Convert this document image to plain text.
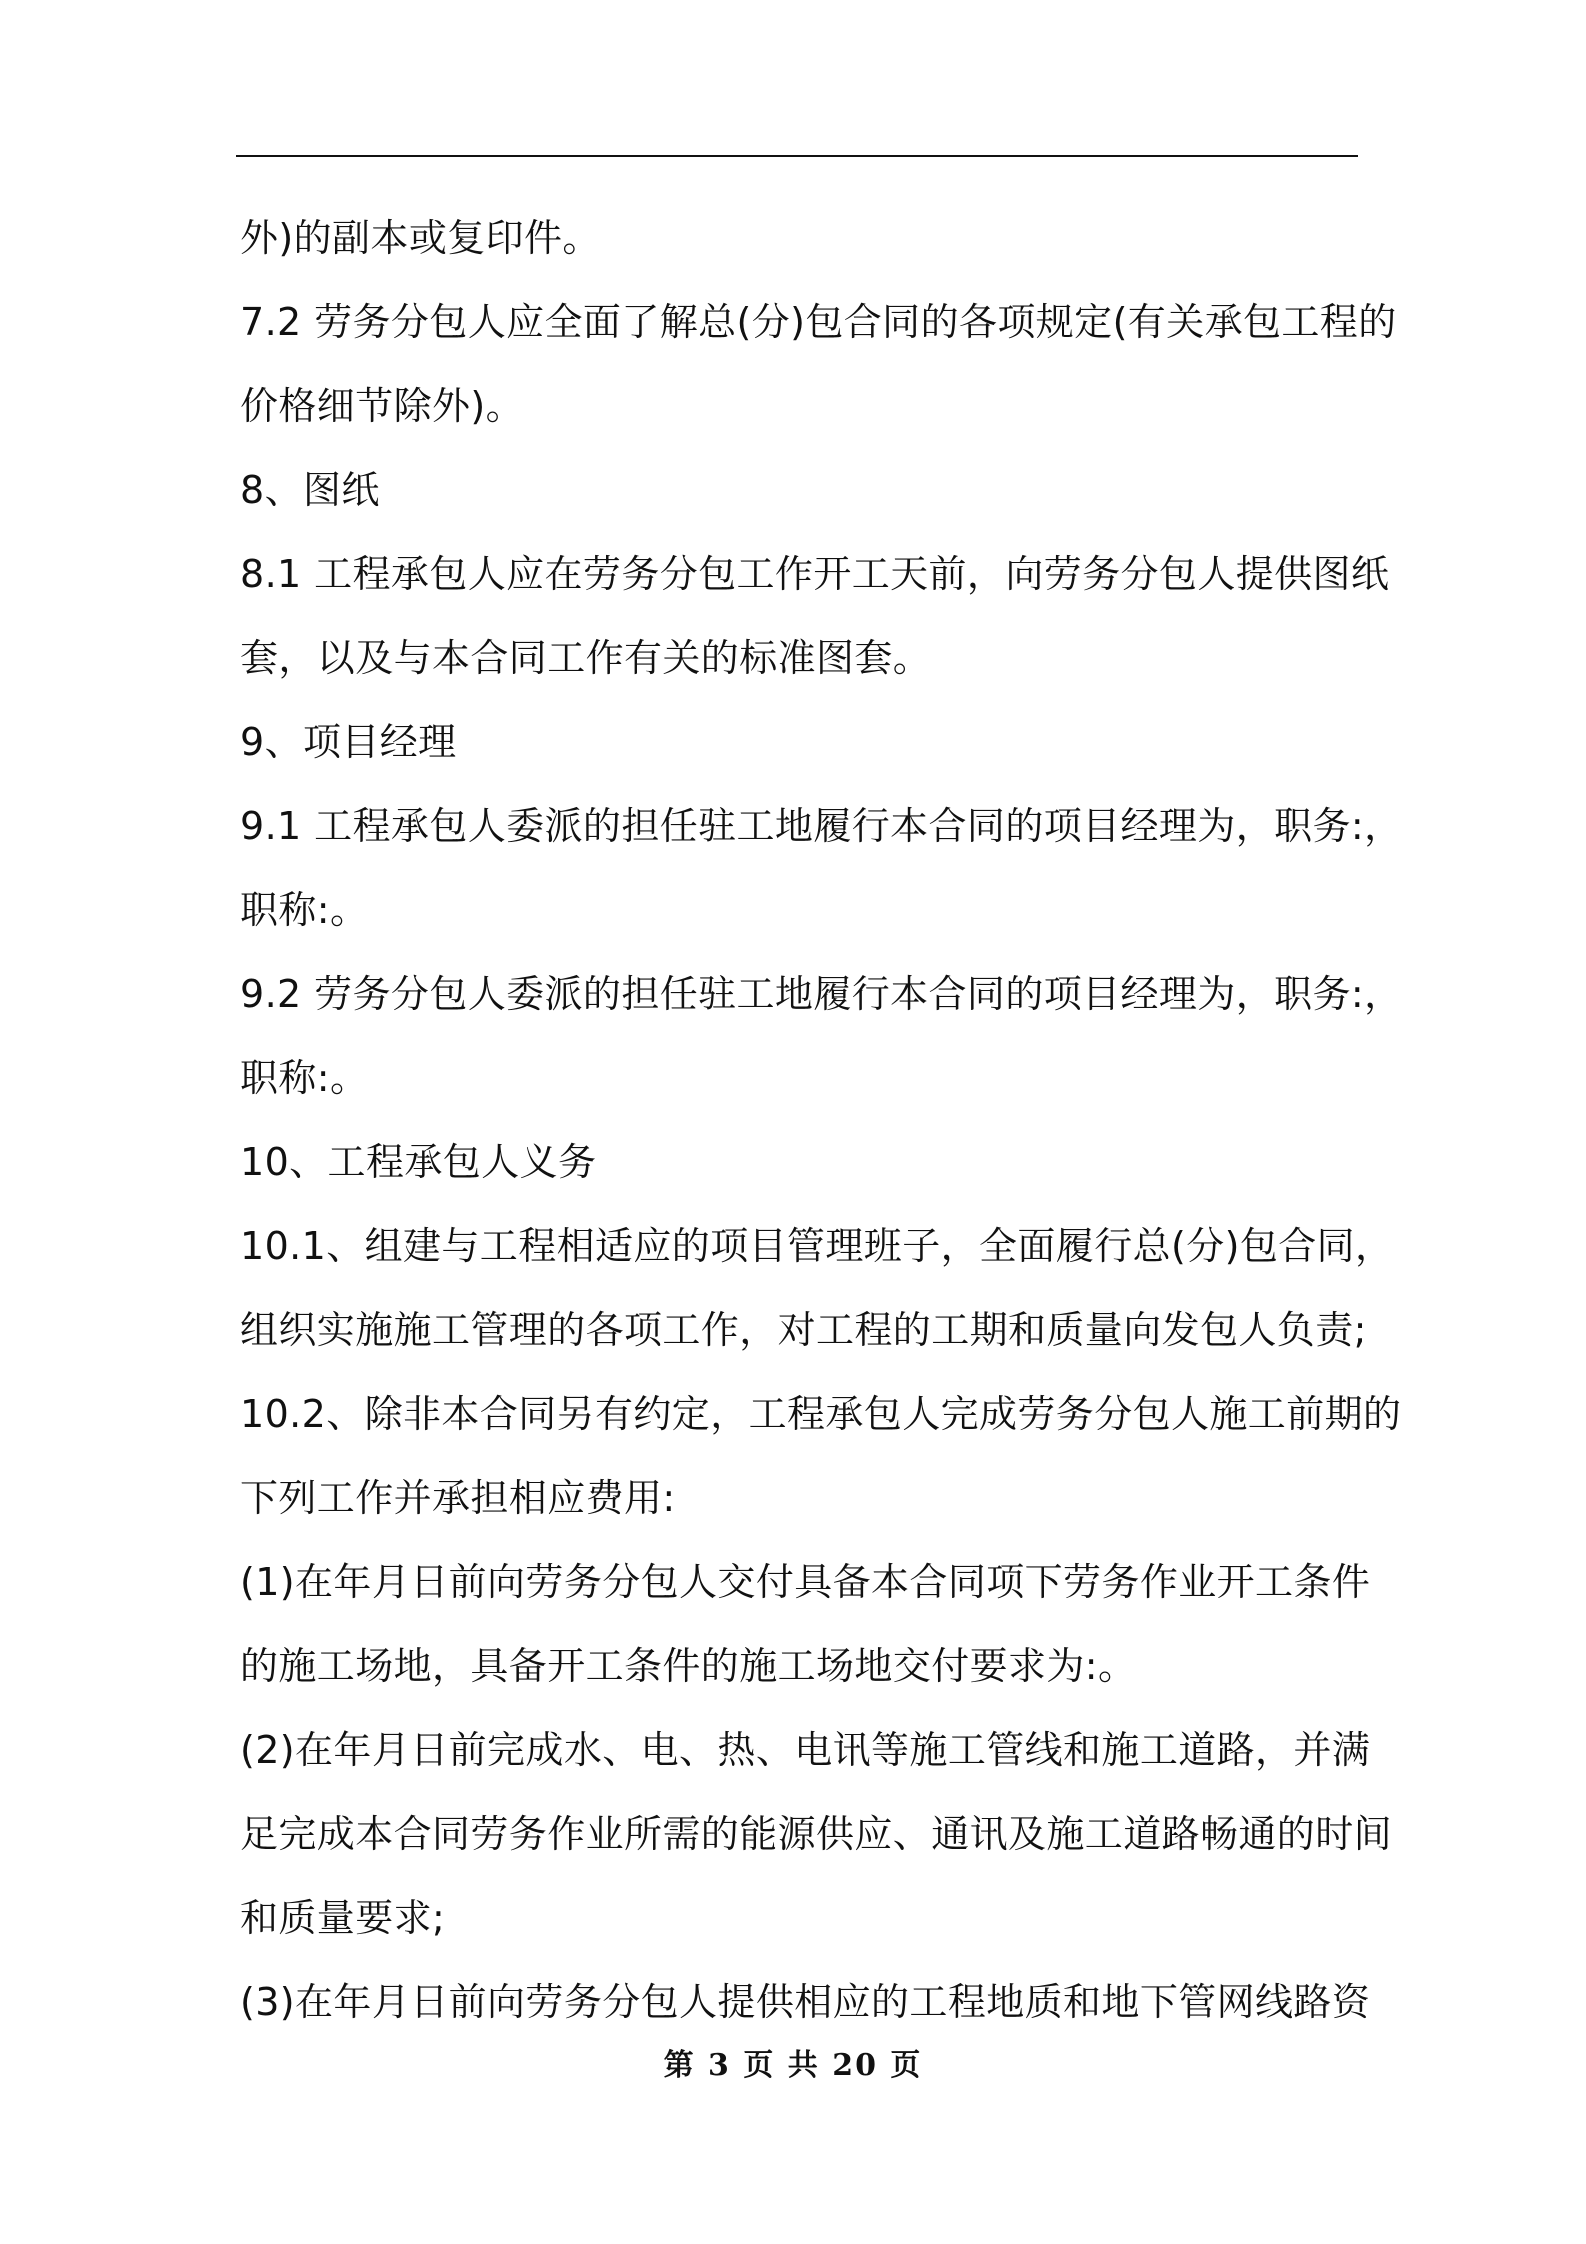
外)的副本或复印件。
7.2 劳务分包人应全面了解总(分)包合同的各项规定(有关承包工程的
价格细节除外)。
8、图纸
8.1 工程承包人应在劳务分包工作开工天前，向劳务分包人提供图纸
套，以及与本合同工作有关的标准图套。
9、项目经理
9.1 工程承包人委派的担任驻工地履行本合同的项目经理为，职务:，
职称:。
9.2 劳务分包人委派的担任驻工地履行本合同的项目经理为，职务:，
职称:。
10、工程承包人义务
10.1、组建与工程相适应的项目管理班子，全面履行总(分)包合同，
组织实施施工管理的各项工作，对工程的工期和质量向发包人负责;
10.2、除非本合同另有约定，工程承包人完成劳务分包人施工前期的
下列工作并承担相应费用:
(1)在年月日前向劳务分包人交付具备本合同项下劳务作业开工条件
的施工场地，具备开工条件的施工场地交付要求为:。
(2)在年月日前完成水、电、热、电讯等施工管线和施工道路，并满
足完成本合同劳务作业所需的能源供应、通讯及施工道路畅通的时间
和质量要求;
(3)在年月日前向劳务分包人提供相应的工程地质和地下管网线路资
第 3 页 共 20 页
